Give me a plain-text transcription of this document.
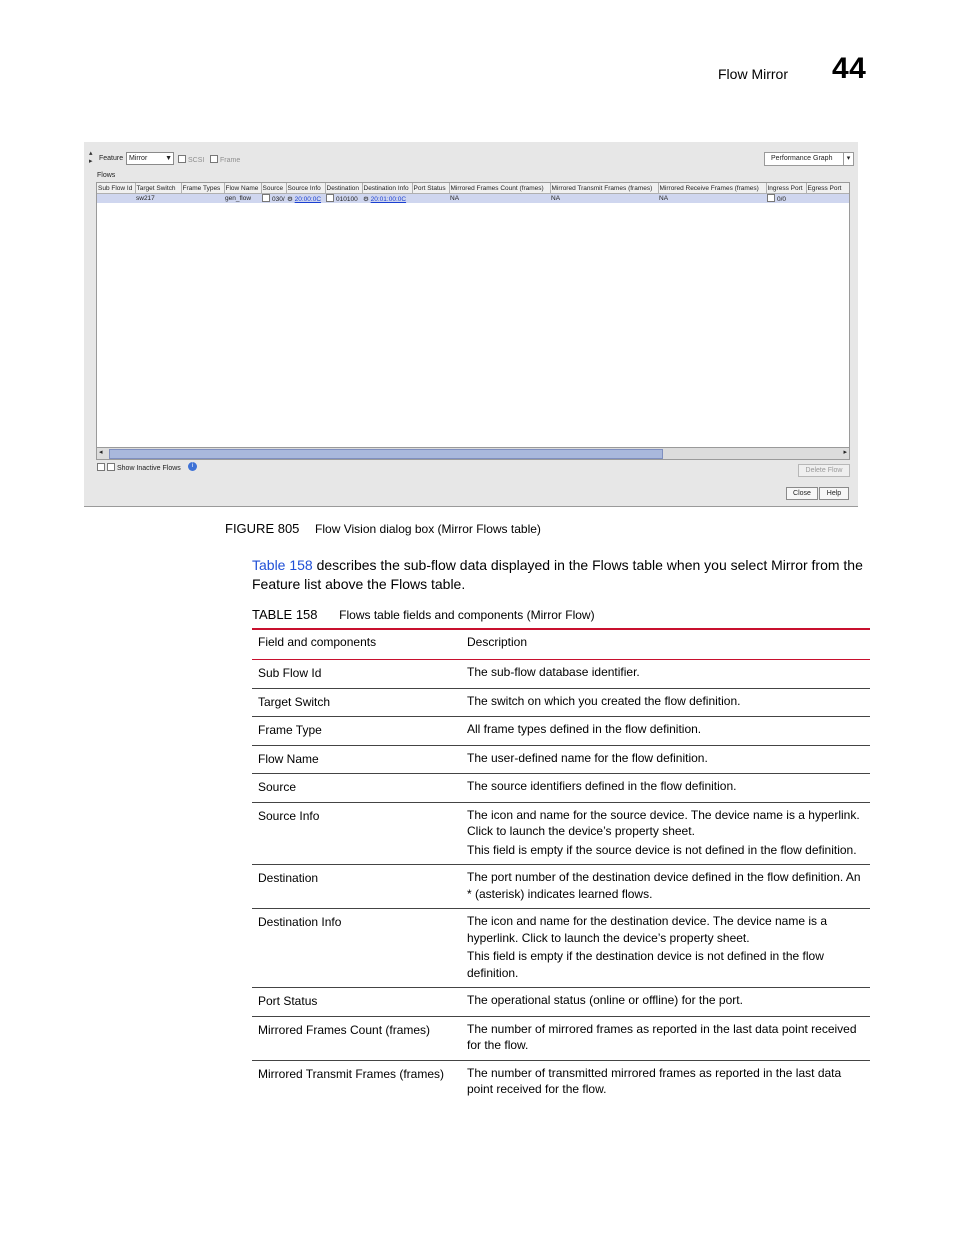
Flow Mirror 44
▴
▸ Feature Mirror	▼	SCSI	Frame	Performance Graph	▾
Flows
Sub Flow Id	Target Switch	Frame Types	Flow Name	Source	Source Info	Destination	Destination Info	Port Status	Mirrored Frames Count (frames)	Mirrored Transmit Frames (frames)	Mirrored Receive Frames (frames)	Ingress Port	Egress Port
	sw217		gen_flow	030/	⚙ 20:00:0C	010100	⚙ 20:01:00:0C		NA	NA	NA	0/0	
◂	▸
Show Inactive Flows	i
Delete Flow
Close	Help
FIGURE 805 Flow Vision dialog box (Mirror Flows table)
Table 158 describes the sub-flow data displayed in the Flows table when you select Mirror from the Feature list above the Flows table.
TABLE 158 Flows table fields and components (Mirror Flow)
Field and components	Description
Sub Flow Id	The sub-flow database identifier.

Target Switch	The switch on which you created the flow definition.

Frame Type	All frame types defined in the flow definition.

Flow Name	The user-defined name for the flow definition.

Source	The source identifiers defined in the flow definition.

Source Info	The icon and name for the source device. The device name is a hyperlink. Click to launch the device’s property sheet.

This field is empty if the source device is not defined in the flow definition.

Destination	The port number of the destination device defined in the flow definition. An * (asterisk) indicates learned flows.

Destination Info	The icon and name for the destination device. The device name is a hyperlink. Click to launch the device’s property sheet.

This field is empty if the destination device is not defined in the flow definition.

Port Status	The operational status (online or offline) for the port.

Mirrored Frames Count (frames)	The number of mirrored frames as reported in the last data point received for the flow.

Mirrored Transmit Frames (frames)	The number of transmitted mirrored frames as reported in the last data point received for the flow.
